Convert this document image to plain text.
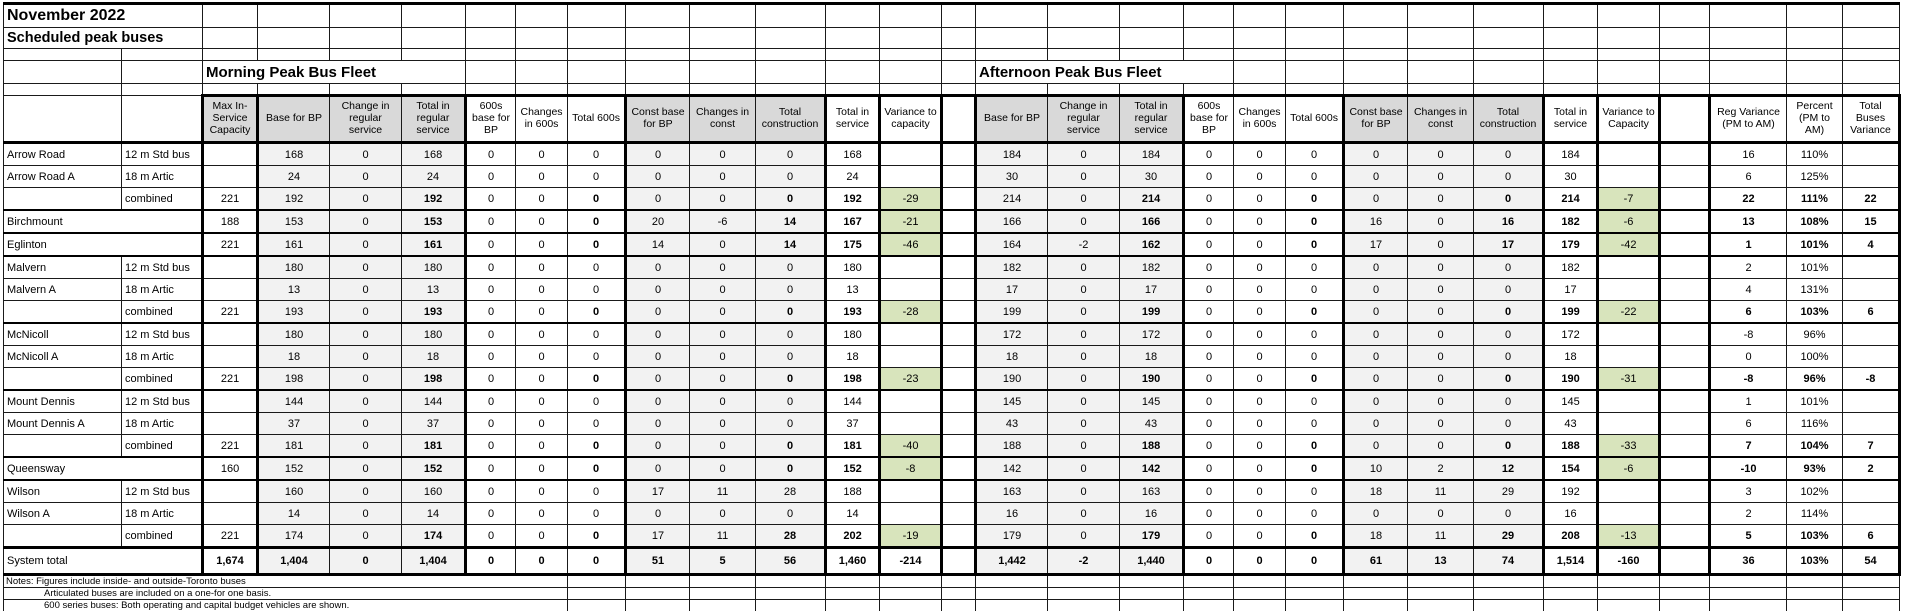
November 2022																													
Scheduled peak buses																													

		Morning Peak Bus Fleet													Afternoon Peak Bus Fleet														

		Max In-Service Capacity	Base for BP	Change in regular service	Total in regular service	600s base for BP	Changes in 600s	Total 600s	Const base for BP	Changes in const	Total construction	Total in service	Variance to capacity		Base for BP	Change in regular service	Total in regular service	600s base for BP	Changes in 600s	Total 600s	Const base for BP	Changes in const	Total construction	Total in service	Variance to Capacity		Reg Variance (PM to AM)	Percent (PM to AM)	Total Buses Variance
Arrow Road	12 m Std bus		168	0	168	0	0	0	0	0	0	168			184	0	184	0	0	0	0	0	0	184			16	110%	
Arrow Road A	18 m Artic		24	0	24	0	0	0	0	0	0	24			30	0	30	0	0	0	0	0	0	30			6	125%	
	combined	221	192	0	192	0	0	0	0	0	0	192	-29		214	0	214	0	0	0	0	0	0	214	-7		22	111%	22
Birchmount		188	153	0	153	0	0	0	20	-6	14	167	-21		166	0	166	0	0	0	16	0	16	182	-6		13	108%	15
Eglinton		221	161	0	161	0	0	0	14	0	14	175	-46		164	-2	162	0	0	0	17	0	17	179	-42		1	101%	4
Malvern	12 m Std bus		180	0	180	0	0	0	0	0	0	180			182	0	182	0	0	0	0	0	0	182			2	101%	
Malvern A	18 m Artic		13	0	13	0	0	0	0	0	0	13			17	0	17	0	0	0	0	0	0	17			4	131%	
	combined	221	193	0	193	0	0	0	0	0	0	193	-28		199	0	199	0	0	0	0	0	0	199	-22		6	103%	6
McNicoll	12 m Std bus		180	0	180	0	0	0	0	0	0	180			172	0	172	0	0	0	0	0	0	172			-8	96%	
McNicoll A	18 m Artic		18	0	18	0	0	0	0	0	0	18			18	0	18	0	0	0	0	0	0	18			0	100%	
	combined	221	198	0	198	0	0	0	0	0	0	198	-23		190	0	190	0	0	0	0	0	0	190	-31		-8	96%	-8
Mount Dennis	12 m Std bus		144	0	144	0	0	0	0	0	0	144			145	0	145	0	0	0	0	0	0	145			1	101%	
Mount Dennis A	18 m Artic		37	0	37	0	0	0	0	0	0	37			43	0	43	0	0	0	0	0	0	43			6	116%	
	combined	221	181	0	181	0	0	0	0	0	0	181	-40		188	0	188	0	0	0	0	0	0	188	-33		7	104%	7
Queensway		160	152	0	152	0	0	0	0	0	0	152	-8		142	0	142	0	0	0	10	2	12	154	-6		-10	93%	2
Wilson	12 m Std bus		160	0	160	0	0	0	17	11	28	188			163	0	163	0	0	0	18	11	29	192			3	102%	
Wilson A	18 m Artic		14	0	14	0	0	0	0	0	0	14			16	0	16	0	0	0	0	0	0	16			2	114%	
	combined	221	174	0	174	0	0	0	17	11	28	202	-19		179	0	179	0	0	0	18	11	29	208	-13		5	103%	6
System total		1,674	1,404	0	1,404	0	0	0	51	5	56	1,460	-214		1,442	-2	1,440	0	0	0	61	13	74	1,514	-160		36	103%	54
Notes: Figures include inside- and outside-Toronto buses																													
Articulated buses are included on a one-for one basis.																													
600 series buses: Both operating and capital budget vehicles are shown.																													
